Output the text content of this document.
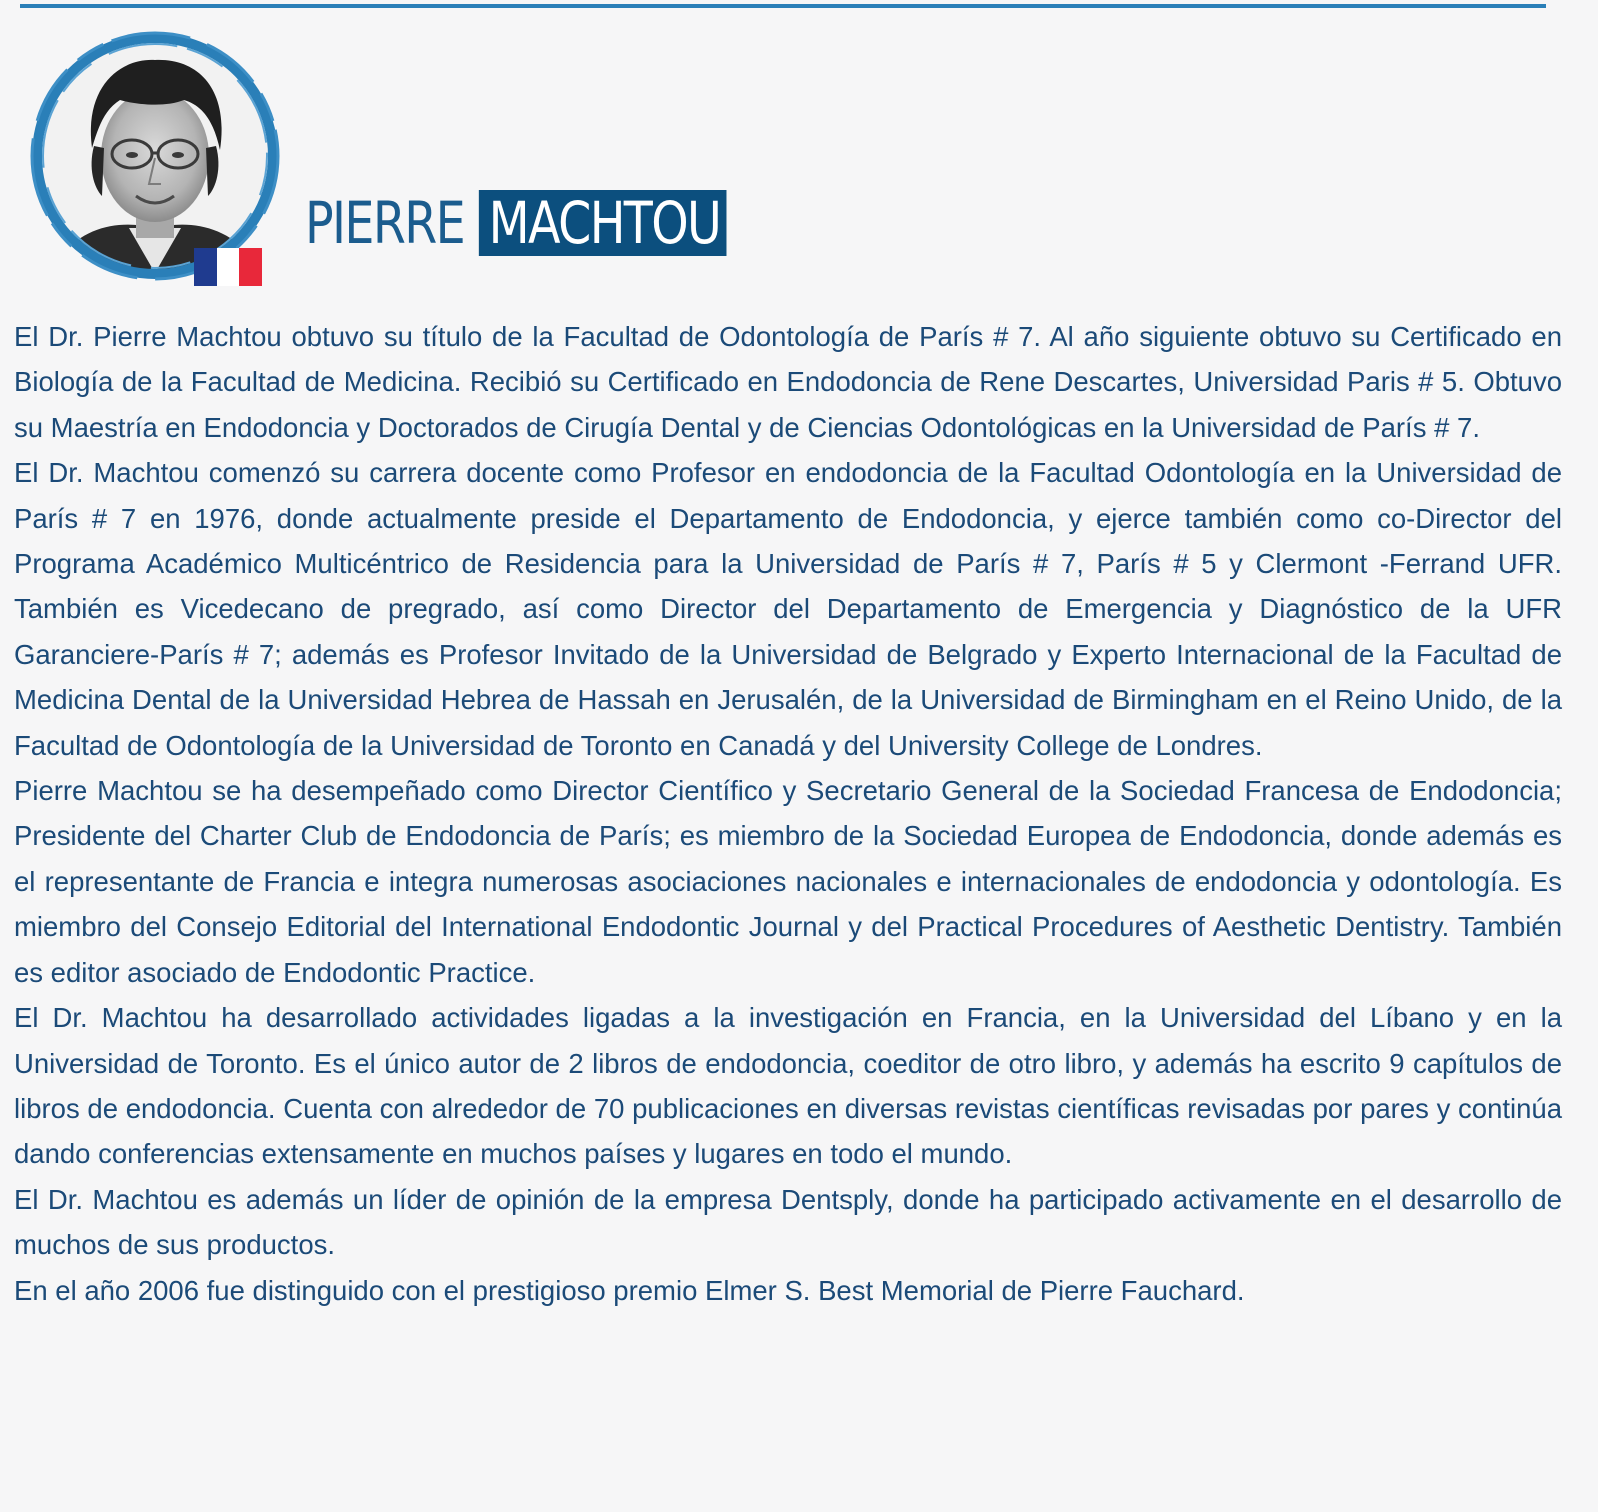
PIERRE MACHTOU

El Dr. Pierre Machtou obtuvo su título de la Facultad de Odontología de París # 7. Al año siguiente obtuvo su Certificado en Biología de la Facultad de Medicina. Recibió su Certificado en Endodoncia de Rene Descartes, Universidad Paris # 5. Obtuvo su Maestría en Endodoncia y Doctorados de Cirugía Dental y de Ciencias Odontológicas en la Universidad de París # 7.

El Dr. Machtou comenzó su carrera docente como Profesor en endodoncia de la Facultad Odontología en la Universidad de París # 7 en 1976, donde actualmente preside el Departamento de Endodoncia, y ejerce también como co-Director del Programa Académico Multicéntrico de Residencia para la Universidad de París # 7, París # 5 y Clermont -Ferrand UFR. También es Vicedecano de pregrado, así como Director del Departamento de Emergencia y Diagnóstico de la UFR Garanciere-París # 7; además es Profesor Invitado de la Universidad de Belgrado y Experto Internacional de la Facultad de Medicina Dental de la Universidad Hebrea de Hassah en Jerusalén, de la Universidad de Birmingham en el Reino Unido, de la Facultad de Odontología de la Universidad de Toronto en Canadá y del University College de Londres.

Pierre Machtou se ha desempeñado como Director Científico y Secretario General de la Sociedad Francesa de Endodoncia; Presidente del Charter Club de Endodoncia de París; es miembro de la Sociedad Europea de Endodoncia, donde además es el representante de Francia e integra numerosas asociaciones nacionales e internacionales de endodoncia y odontología. Es miembro del Consejo Editorial del International Endodontic Journal y del Practical Procedures of Aesthetic Dentistry. También es editor asociado de Endodontic Practice.

El Dr. Machtou ha desarrollado actividades ligadas a la investigación en Francia, en la Universidad del Líbano y en la Universidad de Toronto. Es el único autor de 2 libros de endodoncia, coeditor de otro libro, y además ha escrito 9 capítulos de libros de endodoncia. Cuenta con alrededor de 70 publicaciones en diversas revistas científicas revisadas por pares y continúa dando conferencias extensamente en muchos países y lugares en todo el mundo.

El Dr. Machtou es además un líder de opinión de la empresa Dentsply, donde ha participado activamente en el desarrollo de muchos de sus productos.

En el año 2006 fue distinguido con el prestigioso premio Elmer S. Best Memorial de Pierre Fauchard.
